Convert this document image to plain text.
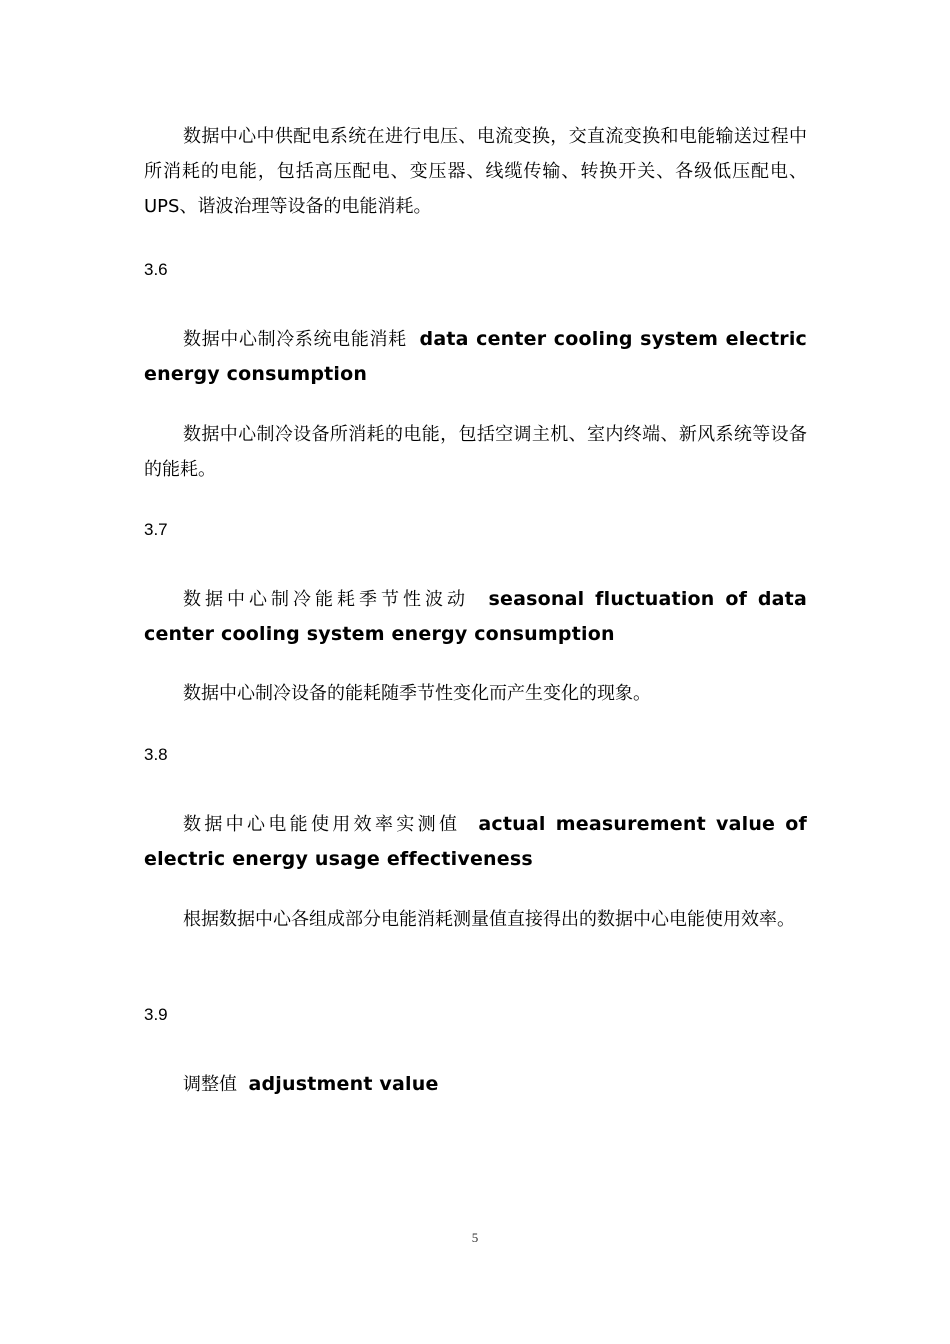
数据中心中供配电系统在进行电压、电流变换，交直流变换和电能输送过程中所消耗的电能，包括高压配电、变压器、线缆传输、转换开关、各级低压配电、UPS、谐波治理等设备的电能消耗。

3.6

数据中心制冷系统电能消耗 data center cooling system electric energy consumption

数据中心制冷设备所消耗的电能，包括空调主机、室内终端、新风系统等设备的能耗。

3.7

数据中心制冷能耗季节性波动 seasonal fluctuation of data center cooling system energy consumption

数据中心制冷设备的能耗随季节性变化而产生变化的现象。

3.8

数据中心电能使用效率实测值 actual measurement value of electric energy usage effectiveness

根据数据中心各组成部分电能消耗测量值直接得出的数据中心电能使用效率。

3.9

调整值 adjustment value

5
